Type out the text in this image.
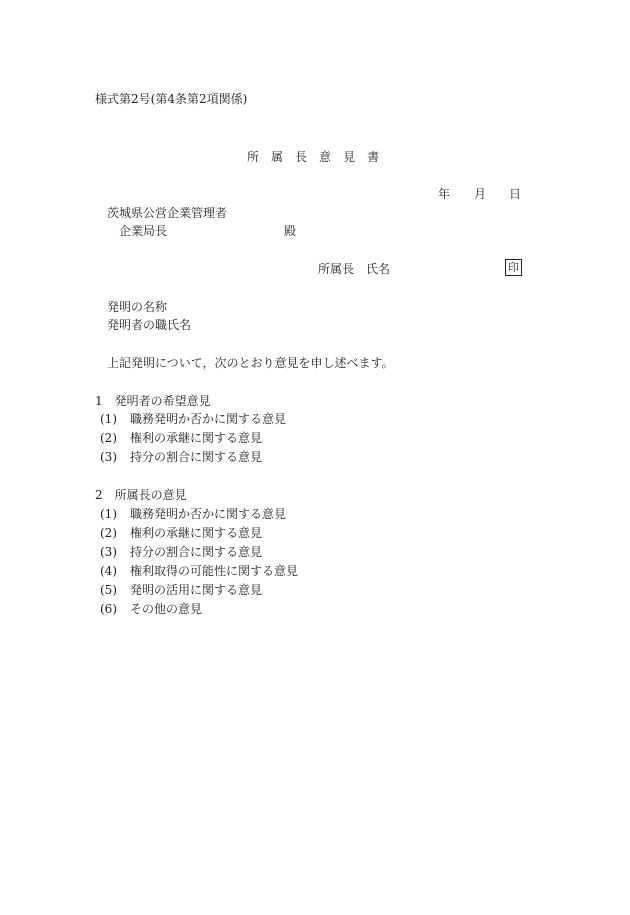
様式第2号(第4条第2項関係)
所 属 長 意 見 書
年 月 日
茨城県公営企業管理者
企業局長	殿
所属長　氏名	印
発明の名称
発明者の職氏名
上記発明について，次のとおり意見を申し述べます。
1　発明者の希望意見
(1) 職務発明か否かに関する意見
(2) 権利の承継に関する意見
(3) 持分の割合に関する意見
2　所属長の意見
(1) 職務発明か否かに関する意見
(2) 権利の承継に関する意見
(3) 持分の割合に関する意見
(4) 権利取得の可能性に関する意見
(5) 発明の活用に関する意見
(6) その他の意見
